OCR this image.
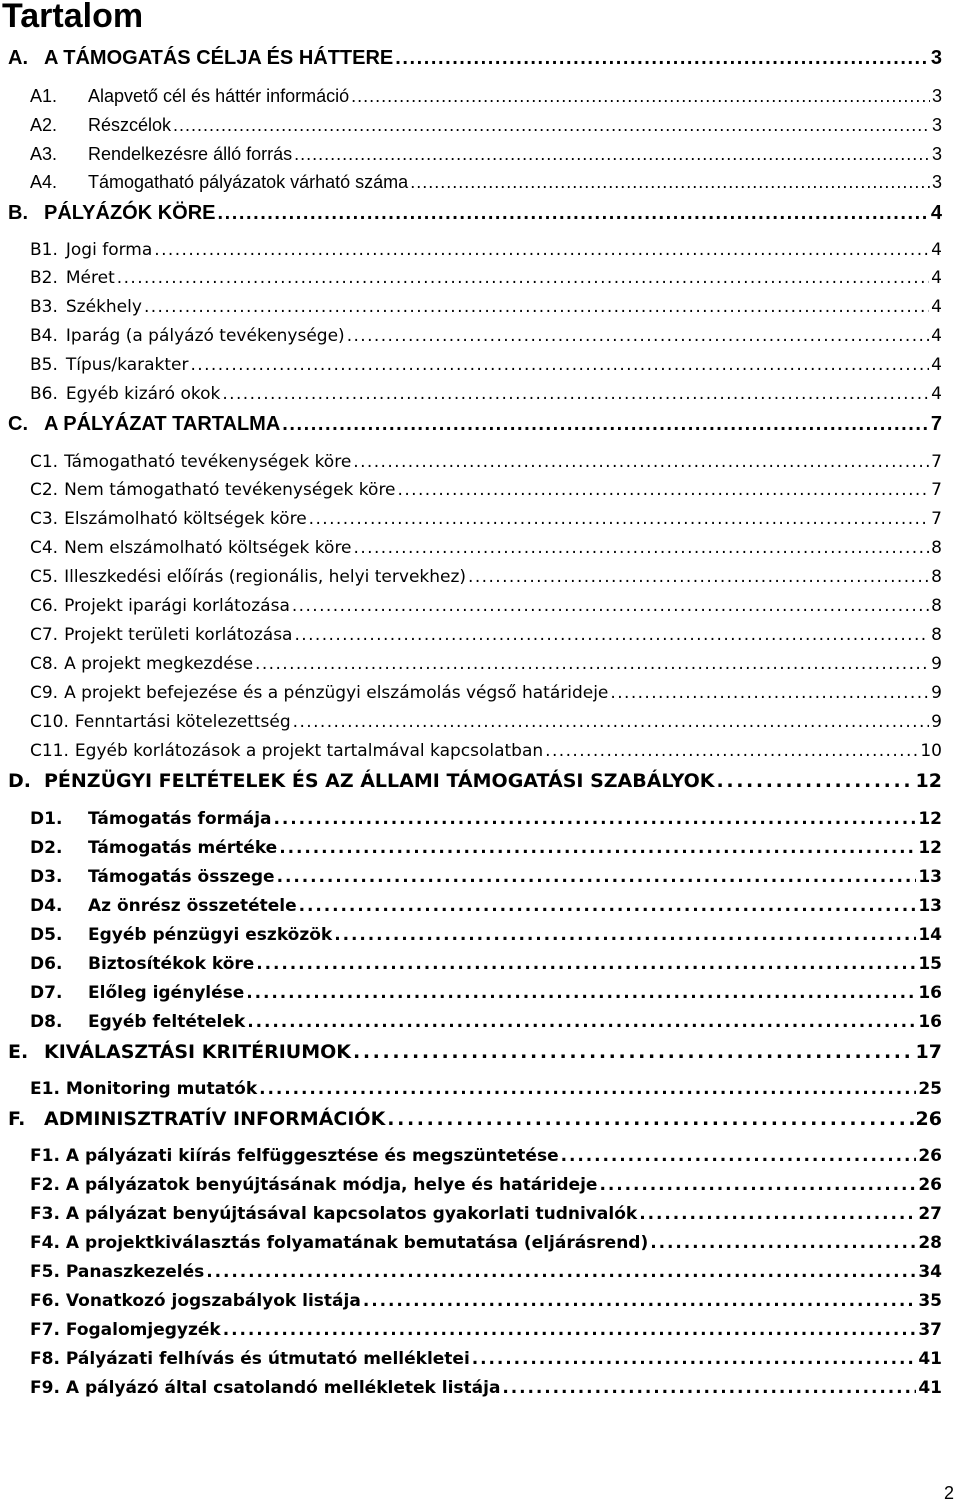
Tartalom
A. A TÁMOGATÁS CÉLJA ÉS HÁTTERE . . .	3
A1.	Alapvető cél és háttér információ . . .	3
A2.	Részcélok . . .	3
A3.	Rendelkezésre álló forrás . . .	3
A4.	Támogatható pályázatok várható száma . . .	3
B. PÁLYÁZÓK KÖRE . . .	4
B1. Jogi forma . . .	4
B2. Méret . . .	4
B3. Székhely . . .	4
B4. Iparág (a pályázó tevékenysége) . . .	4
B5. Típus/karakter . . .	4
B6. Egyéb kizáró okok . . .	4
C. A PÁLYÁZAT TARTALMA . . .	7
C1. Támogatható tevékenységek köre . . .	7
C2. Nem támogatható tevékenységek köre . . .	7
C3. Elszámolható költségek köre . . .	7
C4. Nem elszámolható költségek köre . . .	8
C5. Illeszkedési előírás (regionális, helyi tervekhez) . . .	8
C6. Projekt iparági korlátozása . . .	8
C7. Projekt területi korlátozása . . .	8
C8. A projekt megkezdése . . .	9
C9. A projekt befejezése és a pénzügyi elszámolás végső határideje . . .	9
C10. Fenntartási kötelezettség . . .	9
C11. Egyéb korlátozások a projekt tartalmával kapcsolatban . . .	10
D. PÉNZÜGYI FELTÉTELEK ÉS AZ ÁLLAMI TÁMOGATÁSI SZABÁLYOK . . .	12
D1.	Támogatás formája . . .	12
D2.	Támogatás mértéke . . .	12
D3.	Támogatás összege . . .	13
D4.	Az önrész összetétele . . .	13
D5.	Egyéb pénzügyi eszközök . . .	14
D6.	Biztosítékok köre . . .	15
D7.	Előleg igénylése . . .	16
D8.	Egyéb feltételek . . .	16
E. KIVÁLASZTÁSI KRITÉRIUMOK . . .	17
E1. Monitoring mutatók . . .	25
F. ADMINISZTRATÍV INFORMÁCIÓK . . .	26
F1. A pályázati kiírás felfüggesztése és megszüntetése . . .	26
F2. A pályázatok benyújtásának módja, helye és határideje . . .	26
F3. A pályázat benyújtásával kapcsolatos gyakorlati tudnivalók . . .	27
F4. A projektkiválasztás folyamatának bemutatása (eljárásrend) . . .	28
F5. Panaszkezelés . . .	34
F6. Vonatkozó jogszabályok listája . . .	35
F7. Fogalomjegyzék . . .	37
F8. Pályázati felhívás és útmutató mellékletei . . .	41
F9. A pályázó által csatolandó mellékletek listája . . .	41
2
